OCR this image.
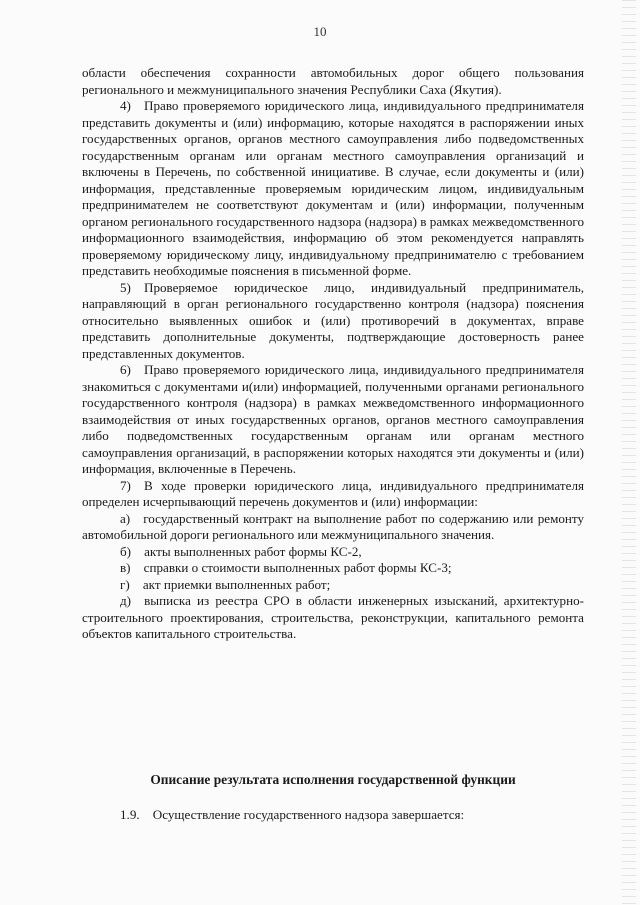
10

области обеспечения сохранности автомобильных дорог общего пользования регионального и межмуниципального значения Республики Саха (Якутия).

4) Право проверяемого юридического лица, индивидуального предпринимателя представить документы и (или) информацию, которые находятся в распоряжении иных государственных органов, органов местного самоуправления либо подведомственных государственным органам или органам местного самоуправления организаций и включены в Перечень, по собственной инициативе. В случае, если документы и (или) информация, представленные проверяемым юридическим лицом, индивидуальным предпринимателем не соответствуют документам и (или) информации, полученным органом регионального государственного надзора (надзора) в рамках межведомственного информационного взаимодействия, информацию об этом рекомендуется направлять проверяемому юридическому лицу, индивидуальному предпринимателю с требованием представить необходимые пояснения в письменной форме.

5) Проверяемое юридическое лицо, индивидуальный предприниматель, направляющий в орган регионального государственно контроля (надзора) пояснения относительно выявленных ошибок и (или) противоречий в документах, вправе представить дополнительные документы, подтверждающие достоверность ранее представленных документов.

6) Право проверяемого юридического лица, индивидуального предпринимателя знакомиться с документами и(или) информацией, полученными органами регионального государственного контроля (надзора) в рамках межведомственного информационного взаимодействия от иных государственных органов, органов местного самоуправления либо подведомственных государственным органам или органам местного самоуправления организаций, в распоряжении которых находятся эти документы и (или) информация, включенные в Перечень.

7) В ходе проверки юридического лица, индивидуального предпринимателя определен исчерпывающий перечень документов и (или) информации:

а) государственный контракт на выполнение работ по содержанию или ремонту автомобильной дороги регионального или межмуниципального значения.

б) акты выполненных работ формы КС-2,

в) справки о стоимости выполненных работ формы КС-3;

г) акт приемки выполненных работ;

д) выписка из реестра СРО в области инженерных изысканий, архитектурно-строительного проектирования, строительства, реконструкции, капитального ремонта объектов капитального строительства.

Описание результата исполнения государственной функции
1.9. Осуществление государственного надзора завершается:
